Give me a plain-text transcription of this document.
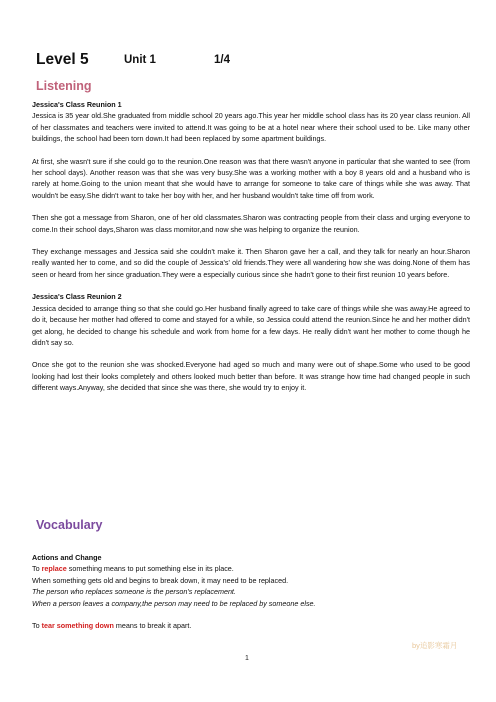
Level 5	Unit 1	1/4
Listening

Jessica's Class Reunion 1

Jessica is 35 year old.She graduated from middle school 20 years ago.This year her middle school class has its 20 year class reunion. All of her classmates and teachers were invited to attend.It was going to be at a hotel near where their school used to be. Like many other buildings, the school had been torn down.It had been replaced by some apartment buildings.

At first, she wasn't sure if she could go to the reunion.One reason was that there wasn't anyone in particular that she wanted to see (from her school days). Another reason was that she was very busy.She was a working mother with a boy 8 years old and a husband who is rarely at home.Going to the union meant that she would have to arrange for someone to take care of things while she was away. That wouldn't be easy.She didn't want to take her boy with her, and her husband wouldn't take time off from work.

Then she got a message from Sharon, one of her old classmates.Sharon was contracting people from their class and urging everyone to come.In their school days,Sharon was class momitor,and now she was helping to organize the reunion.

They exchange messages and Jessica said she couldn't make it. Then Sharon gave her a call, and they talk for nearly an hour.Sharon really wanted her to come, and so did the couple of Jessica's' old friends.They were all wandering how she was doing.None of them has seen or heard from her since graduation.They were a especially curious since she hadn't gone to their first reunion 10 years before.

Jessica's Class Reunion 2

Jessica decided to arrange thing so that she could go.Her husband finally agreed to take care of things while she was away.He agreed to do it, because her mother had offered to come and stayed for a while, so Jessica could attend the reunion.Since he and her mother didn't get along, he decided to change his schedule and work from home for a few days. He really didn't want her mother to come though he didn't say so.

Once she got to the reunion she was shocked.Everyone had aged so much and many were out of shape.Some who used to be good looking had lost their looks completely and others looked much better than before. It was strange how time had changed people in such different ways.Anyway, she decided that since she was there, she would try to enjoy it.

Vocabulary

Actions and Change

To replace something means to put something else in its place.

When something gets old and begins to break down, it may need to be replaced.

The person who replaces someone is the person's replacement.

When a person leaves a company,the person may need to be replaced by someone else.

To tear something down means to break it apart.

by追影寒霜月
1
